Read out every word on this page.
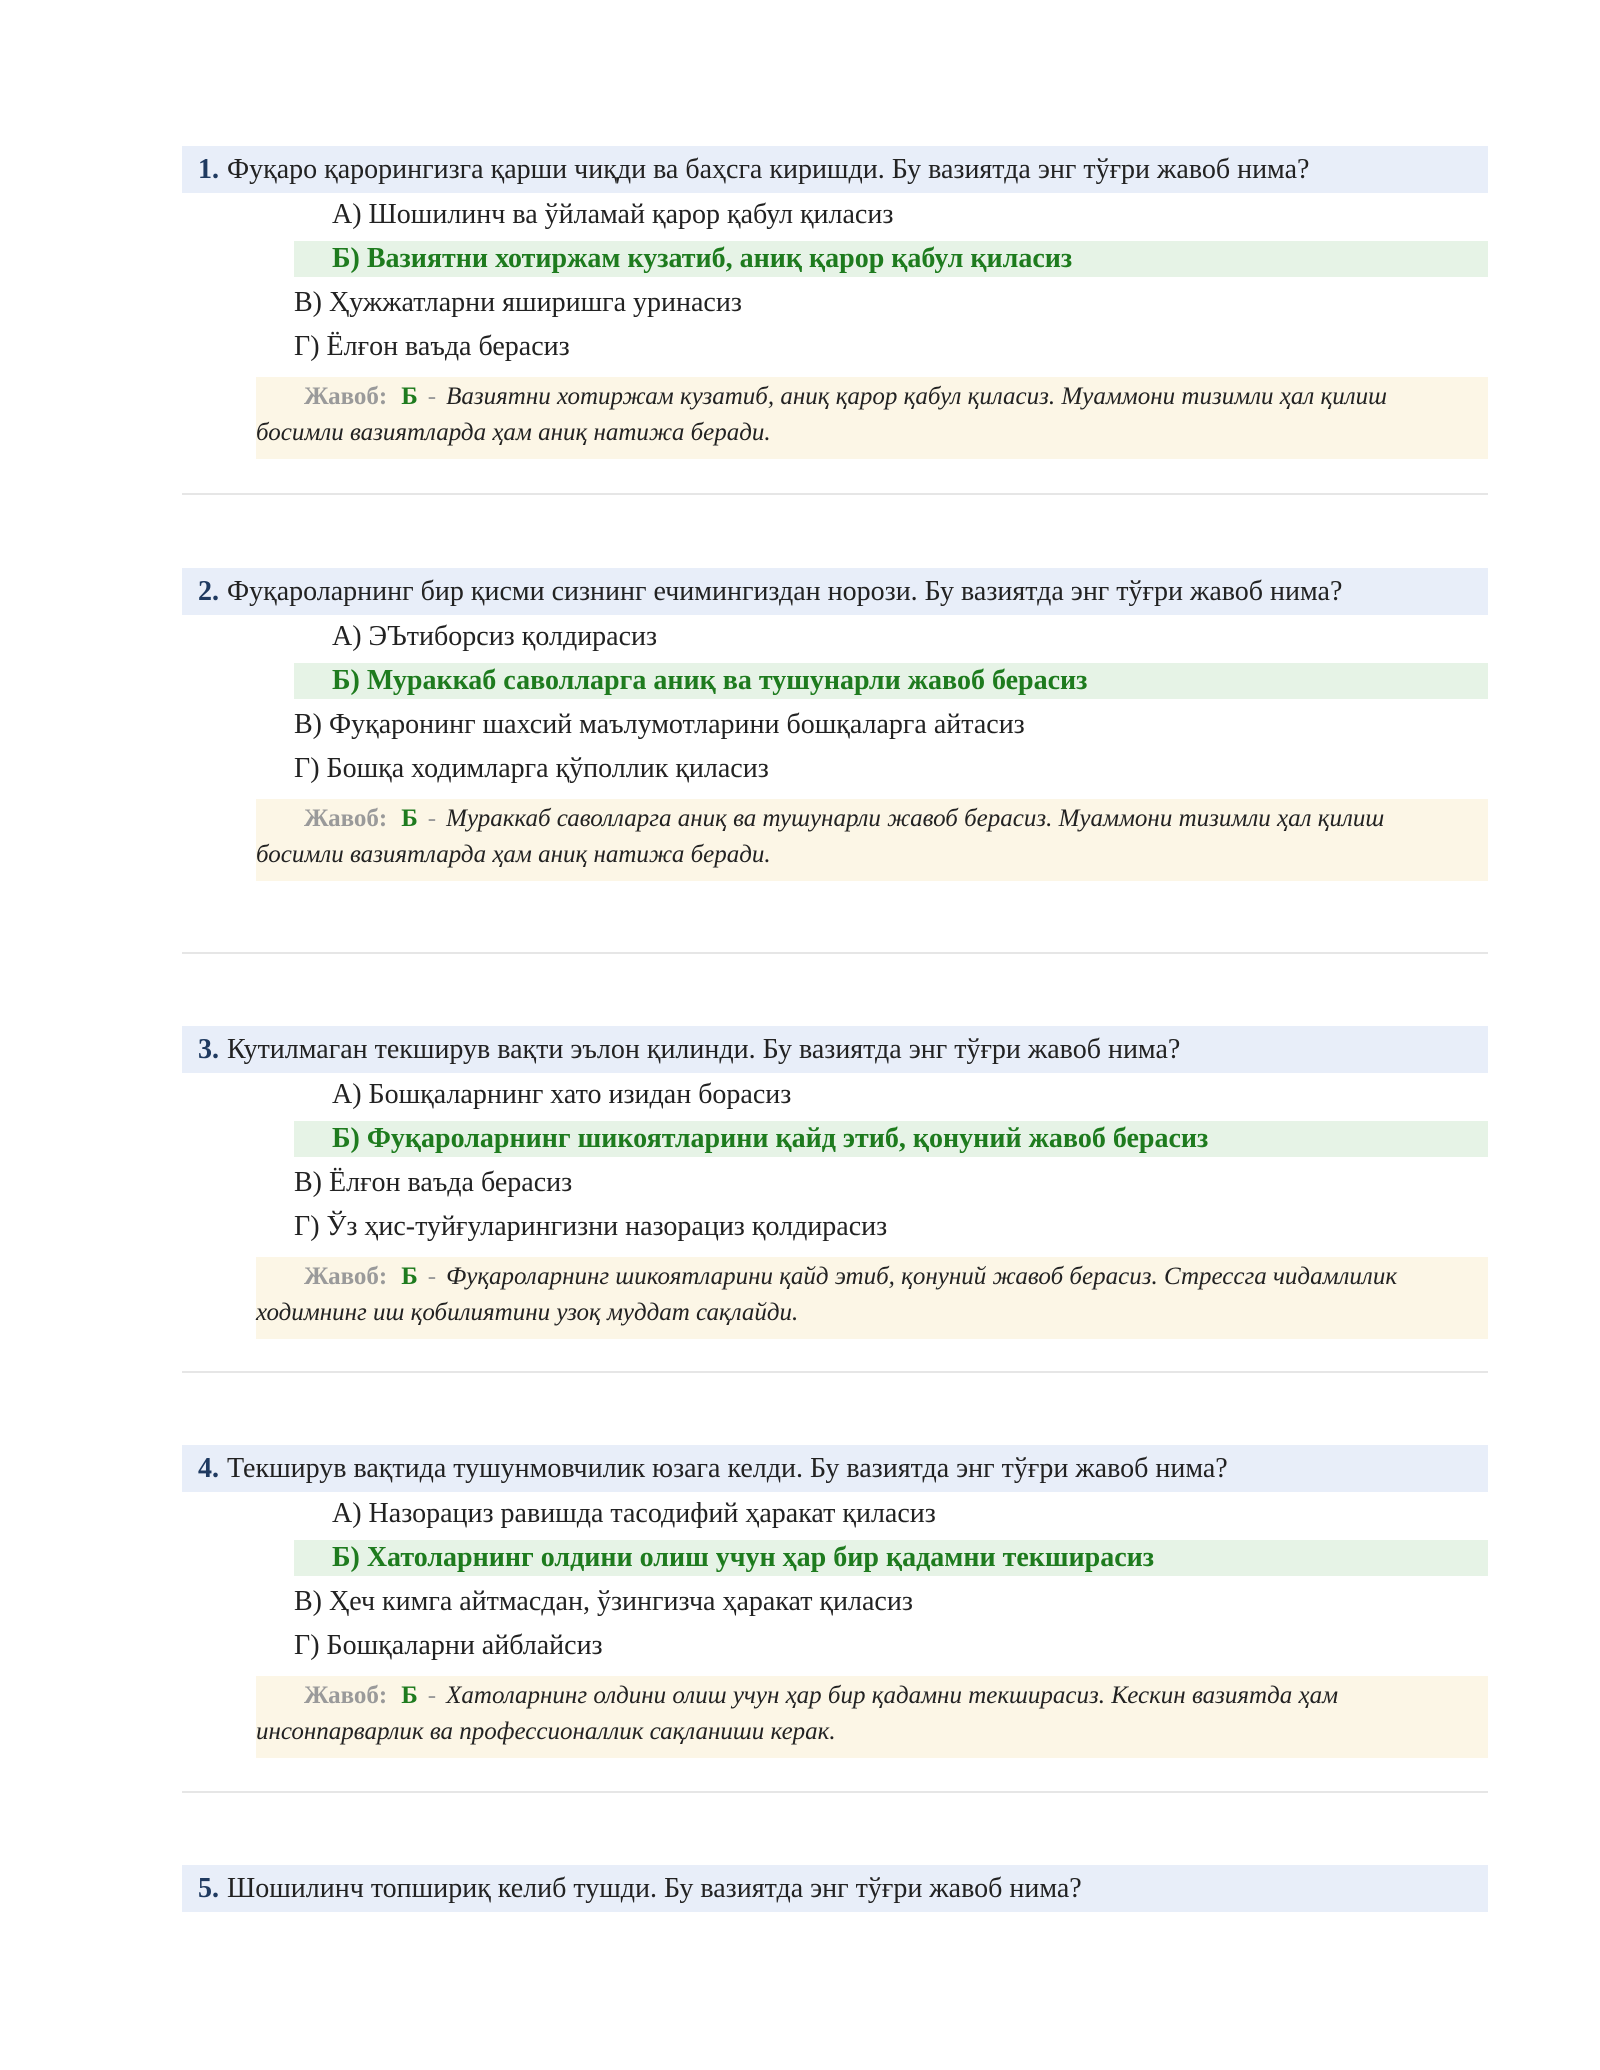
1. Фуқаро қарорингизга қарши чиқди ва баҳсга киришди. Бу вазиятда энг тўғри жавоб нима?
А) Шошилинч ва ўйламай қарор қабул қиласиз
Б) Вазиятни хотиржам кузатиб, аниқ қарор қабул қиласиз
В) Ҳужжатларни яширишга уринасиз
Г) Ёлғон ваъда берасиз
Жавоб: Б - Вазиятни хотиржам кузатиб, аниқ қарор қабул қиласиз. Муаммони тизимли ҳал қилиш босимли вазиятларда ҳам аниқ натижа беради.
2. Фуқароларнинг бир қисми сизнинг ечимингиздан норози. Бу вазиятда энг тўғри жавоб нима?
А) ЭЪтиборсиз қолдирасиз
Б) Мураккаб саволларга аниқ ва тушунарли жавоб берасиз
В) Фуқаронинг шахсий маълумотларини бошқаларга айтасиз
Г) Бошқа ходимларга қўполлик қиласиз
Жавоб: Б - Мураккаб саволларга аниқ ва тушунарли жавоб берасиз. Муаммони тизимли ҳал қилиш босимли вазиятларда ҳам аниқ натижа беради.
3. Кутилмаган текширув вақти эълон қилинди. Бу вазиятда энг тўғри жавоб нима?
А) Бошқаларнинг хато изидан борасиз
Б) Фуқароларнинг шикоятларини қайд этиб, қонуний жавоб берасиз
В) Ёлғон ваъда берасиз
Г) Ўз ҳис-туйғуларингизни назорациз қолдирасиз
Жавоб: Б - Фуқароларнинг шикоятларини қайд этиб, қонуний жавоб берасиз. Стрессга чидамлилик ходимнинг иш қобилиятини узоқ муддат сақлайди.
4. Текширув вақтида тушунмовчилик юзага келди. Бу вазиятда энг тўғри жавоб нима?
А) Назорациз равишда тасодифий ҳаракат қиласиз
Б) Хатоларнинг олдини олиш учун ҳар бир қадамни текширасиз
В) Ҳеч кимга айтмасдан, ўзингизча ҳаракат қиласиз
Г) Бошқаларни айблайсиз
Жавоб: Б - Хатоларнинг олдини олиш учун ҳар бир қадамни текширасиз. Кескин вазиятда ҳам инсонпарварлик ва профессионаллик сақланиши керак.
5. Шошилинч топшириқ келиб тушди. Бу вазиятда энг тўғри жавоб нима?
